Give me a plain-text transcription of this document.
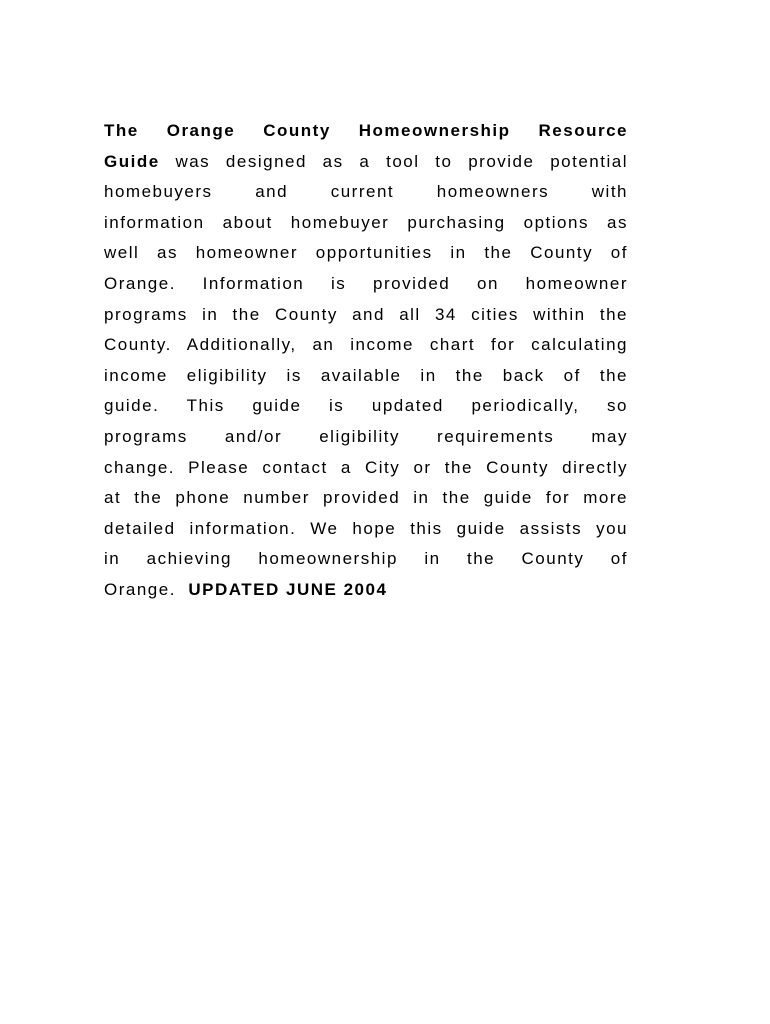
The Orange County Homeownership Resource
Guide was designed as a tool to provide potential
homebuyers and current homeowners with
information about homebuyer purchasing options as
well as homeowner opportunities in the County of
Orange. Information is provided on homeowner
programs in the County and all 34 cities within the
County. Additionally, an income chart for calculating
income eligibility is available in the back of the
guide. This guide is updated periodically, so
programs and/or eligibility requirements may
change. Please contact a City or the County directly
at the phone number provided in the guide for more
detailed information. We hope this guide assists you
in achieving homeownership in the County of
Orange. UPDATED JUNE 2004
